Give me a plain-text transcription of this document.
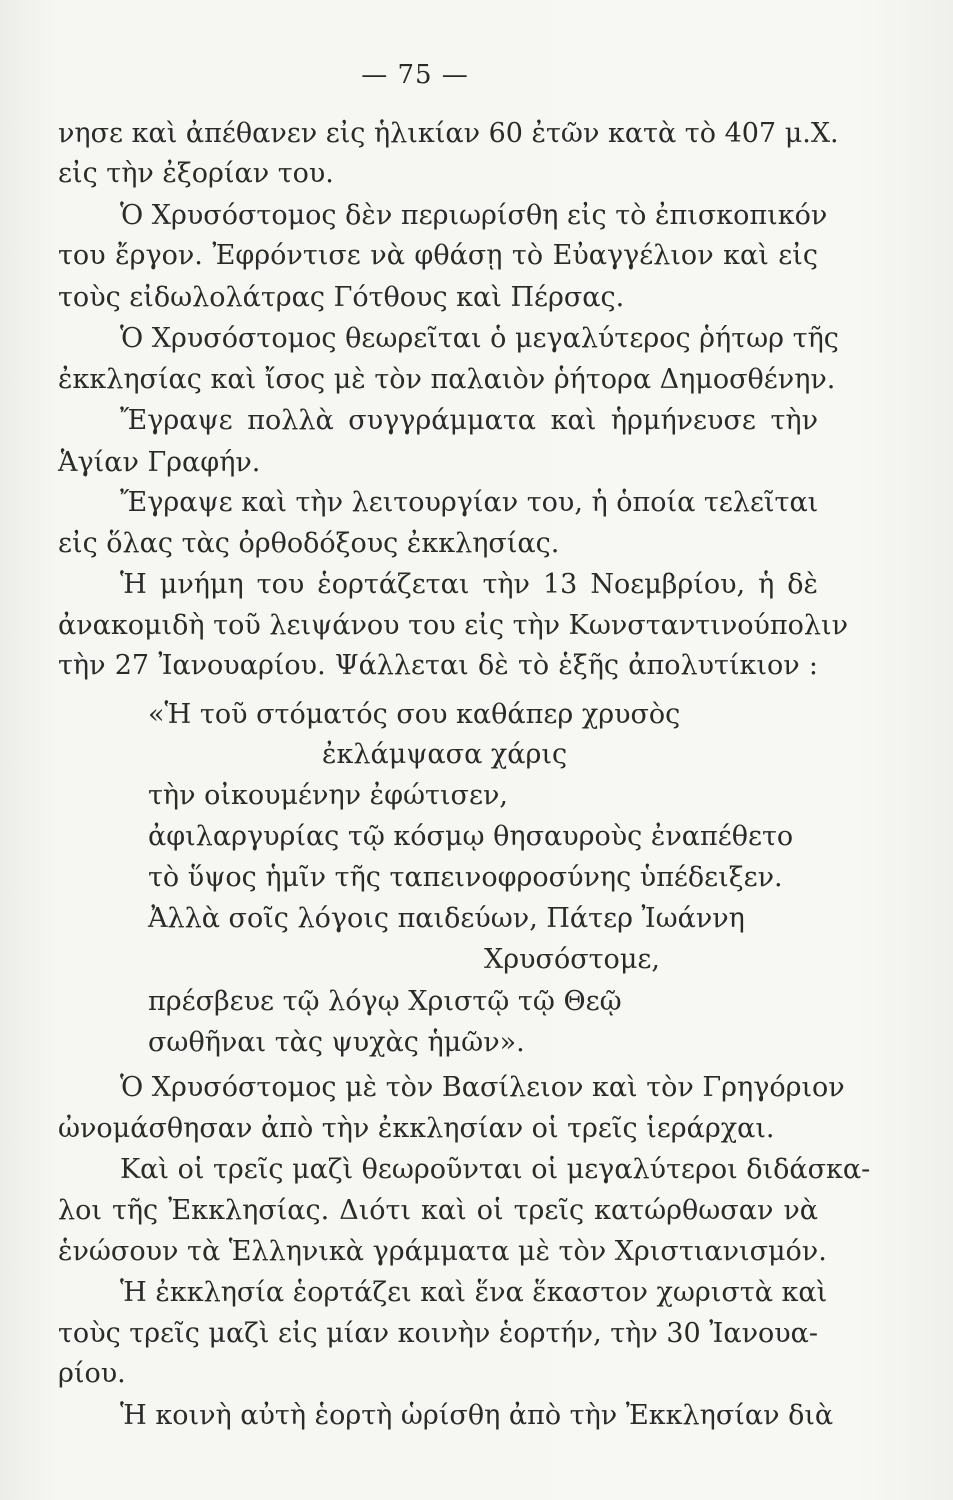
— 75 —
νησε καὶ ἀπέθανεν εἰς ἡλικίαν 60 ἐτῶν κατὰ τὸ 407 μ.Χ.
εἰς τὴν ἐξορίαν του.
Ὁ Χρυσόστομος δὲν περιωρίσθη εἰς τὸ ἐπισκοπικόν
του ἔργον. Ἐφρόντισε νὰ φθάσῃ τὸ Εὐαγγέλιον καὶ εἰς
τοὺς εἰδωλολάτρας Γότθους καὶ Πέρσας.
Ὁ Χρυσόστομος θεωρεῖται ὁ μεγαλύτερος ῥήτωρ τῆς
ἐκκλησίας καὶ ἴσος μὲ τὸν παλαιὸν ῥήτορα Δημοσθένην.
Ἔγραψε πολλὰ συγγράμματα καὶ ἡρμήνευσε τὴν
Ἁγίαν Γραφήν.
Ἔγραψε καὶ τὴν λειτουργίαν του, ἡ ὁποία τελεῖται
εἰς ὅλας τὰς ὀρθοδόξους ἐκκλησίας.
Ἡ μνήμη του ἑορτάζεται τὴν 13 Νοεμβρίου, ἡ δὲ
ἀνακομιδὴ τοῦ λειψάνου του εἰς τὴν Κωνσταντινούπολιν
τὴν 27 Ἰανουαρίου. Ψάλλεται δὲ τὸ ἑξῆς ἀπολυτίκιον :
«Ἡ τοῦ στόματός σου καθάπερ χρυσὸς
ἐκλάμψασα χάρις
τὴν οἰκουμένην ἐφώτισεν,
ἀφιλαργυρίας τῷ κόσμῳ θησαυροὺς ἐναπέθετο
τὸ ὕψος ἡμῖν τῆς ταπεινοφροσύνης ὑπέδειξεν.
Ἀλλὰ σοῖς λόγοις παιδεύων, Πάτερ Ἰωάννη
Χρυσόστομε,
πρέσβευε τῷ λόγῳ Χριστῷ τῷ Θεῷ
σωθῆναι τὰς ψυχὰς ἡμῶν».
Ὁ Χρυσόστομος μὲ τὸν Βασίλειον καὶ τὸν Γρηγόριον
ὠνομάσθησαν ἀπὸ τὴν ἐκκλησίαν οἱ τρεῖς ἱεράρχαι.
Καὶ οἱ τρεῖς μαζὶ θεωροῦνται οἱ μεγαλύτεροι διδάσκα-
λοι τῆς Ἐκκλησίας. Διότι καὶ οἱ τρεῖς κατώρθωσαν νὰ
ἑνώσουν τὰ Ἑλληνικὰ γράμματα μὲ τὸν Χριστιανισμόν.
Ἡ ἐκκλησία ἑορτάζει καὶ ἕνα ἕκαστον χωριστὰ καὶ
τοὺς τρεῖς μαζὶ εἰς μίαν κοινὴν ἑορτήν, τὴν 30 Ἰανουα-
ρίου.
Ἡ κοινὴ αὐτὴ ἑορτὴ ὡρίσθη ἀπὸ τὴν Ἐκκλησίαν διὰ
